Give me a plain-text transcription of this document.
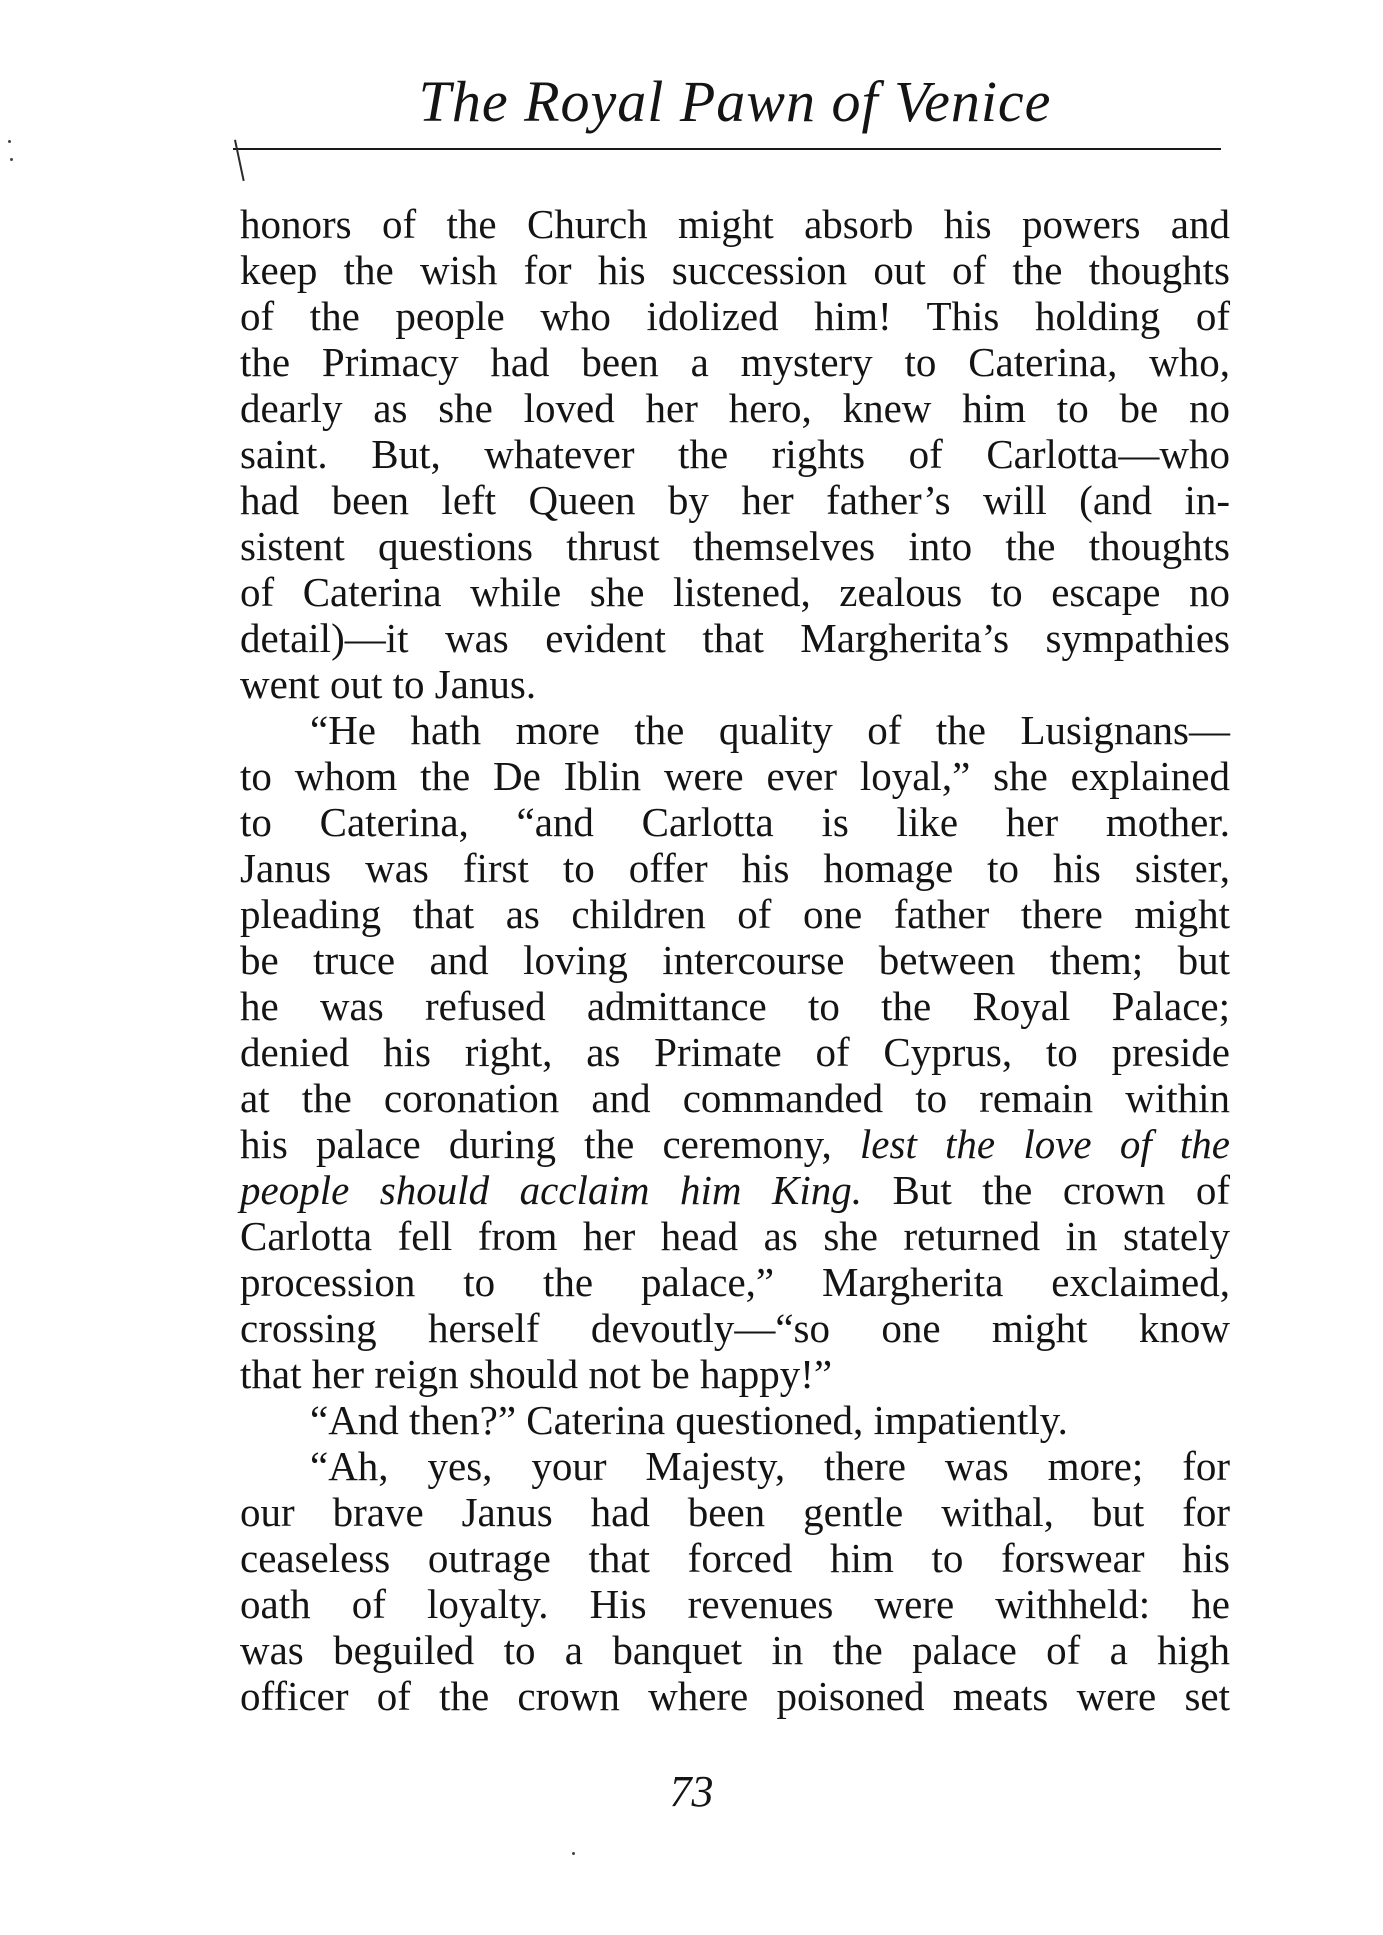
The Royal Pawn of Venice
honors of the Church might absorb his powers and
keep the wish for his succession out of the thoughts
of the people who idolized him! This holding of
the Primacy had been a mystery to Caterina, who,
dearly as she loved her hero, knew him to be no
saint. But, whatever the rights of Carlotta—who
had been left Queen by her father’s will (and in-
sistent questions thrust themselves into the thoughts
of Caterina while she listened, zealous to escape no
detail)—it was evident that Margherita’s sympathies
went out to Janus.
“He hath more the quality of the Lusignans—
to whom the De Iblin were ever loyal,” she explained
to Caterina, “and Carlotta is like her mother.
Janus was first to offer his homage to his sister,
pleading that as children of one father there might
be truce and loving intercourse between them; but
he was refused admittance to the Royal Palace;
denied his right, as Primate of Cyprus, to preside
at the coronation and commanded to remain within
his palace during the ceremony, lest the love of the
people should acclaim him King. But the crown of
Carlotta fell from her head as she returned in stately
procession to the palace,” Margherita exclaimed,
crossing herself devoutly—“so one might know
that her reign should not be happy!”
“And then?” Caterina questioned, impatiently.
“Ah, yes, your Majesty, there was more; for
our brave Janus had been gentle withal, but for
ceaseless outrage that forced him to forswear his
oath of loyalty. His revenues were withheld: he
was beguiled to a banquet in the palace of a high
officer of the crown where poisoned meats were set
73
